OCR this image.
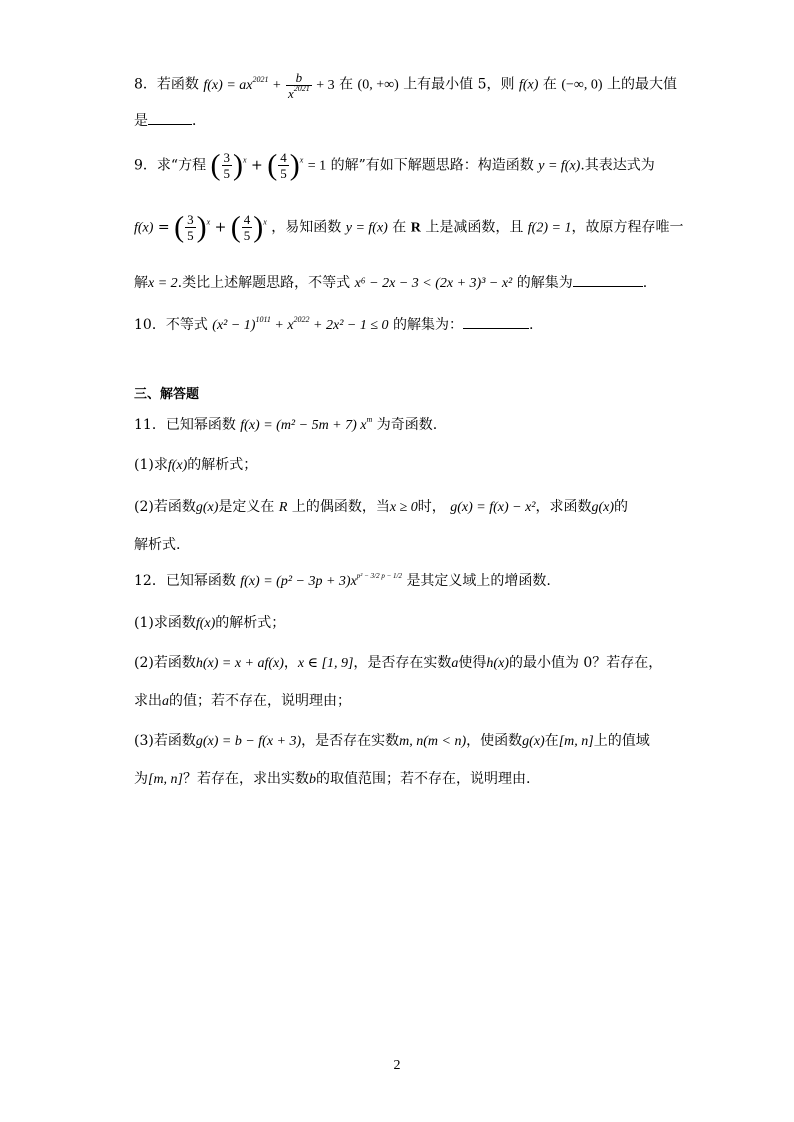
8．若函数 $f(x) = ax^{2021} + \frac{b}{x^{2021}} + 3$ 在 (0, +∞) 上有最小值 5，则 f(x) 在 (−∞, 0) 上的最大值
是	．
9．求“方程 ( $\frac{3}{5} )^x$ + ( $\frac{4}{5} )^x = 1$ 的解”有如下解题思路：构造函数 y = f(x).其表达式为
f(x) = ( $\frac{3}{5} )^x$ + ( $\frac{4}{5} )^x$ ，易知函数 y = f(x) 在 R 上是减函数，且 f(2) = 1，故原方程存唯一
解x = 2.类比上述解题思路，不等式 x⁶ − 2x − 3 < (2x + 3)³ − x² 的解集为	.
10．不等式 $(x^2 - 1)^{1011} + x^{2022} + 2x^2 - 1 \le 0$ 的解集为：	.
三、解答题
11．已知幂函数 f(x) = (m² − 5m + 7) $x^m$ 为奇函数.
(1)求f(x)的解析式；
(2)若函数g(x)是定义在 R 上的偶函数，当x ≥ 0时， g(x) = f(x) − x²，求函数g(x)的
解析式.
12．已知幂函数 $f(x) = (p^2 - 3p + 3)x^{p^2 - 3/2 p - 1/2}$ 是其定义域上的增函数.
(1)求函数f(x)的解析式；
(2)若函数h(x) = x + af(x)，x ∈ [1, 9]，是否存在实数a使得h(x)的最小值为 0？若存在，
求出a的值；若不存在，说明理由；
(3)若函数g(x) = b − f(x + 3)，是否存在实数m, n(m < n)，使函数g(x)在[m, n]上的值域
为[m, n]？若存在，求出实数b的取值范围；若不存在，说明理由.
2
